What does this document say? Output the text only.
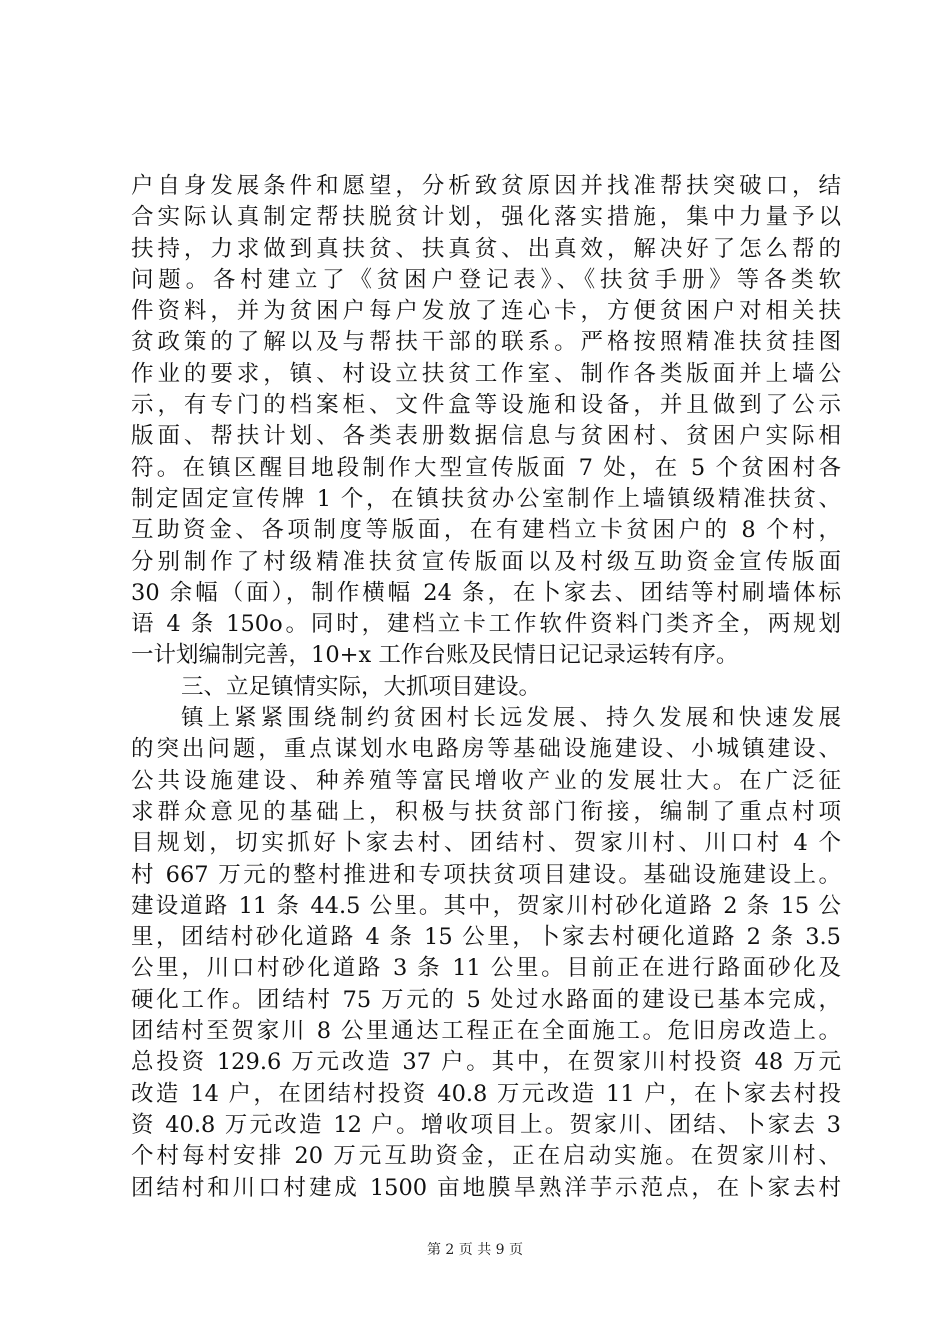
户自身发展条件和愿望，分析致贫原因并找准帮扶突破口，结
合实际认真制定帮扶脱贫计划，强化落实措施，集中力量予以
扶持，力求做到真扶贫、扶真贫、出真效，解决好了怎么帮的
问题。各村建立了《贫困户登记表》、《扶贫手册》等各类软
件资料，并为贫困户每户发放了连心卡，方便贫困户对相关扶
贫政策的了解以及与帮扶干部的联系。严格按照精准扶贫挂图
作业的要求，镇、村设立扶贫工作室、制作各类版面并上墙公
示，有专门的档案柜、文件盒等设施和设备，并且做到了公示
版面、帮扶计划、各类表册数据信息与贫困村、贫困户实际相
符。在镇区醒目地段制作大型宣传版面 7 处，在 5 个贫困村各
制定固定宣传牌 1 个，在镇扶贫办公室制作上墙镇级精准扶贫、
互助资金、各项制度等版面，在有建档立卡贫困户的 8 个村，
分别制作了村级精准扶贫宣传版面以及村级互助资金宣传版面
30 余幅（面），制作横幅 24 条，在卜家去、团结等村刷墙体标
语 4 条 150o。同时，建档立卡工作软件资料门类齐全，两规划
一计划编制完善，10+x 工作台账及民情日记记录运转有序。
三、立足镇情实际，大抓项目建设。
镇上紧紧围绕制约贫困村长远发展、持久发展和快速发展
的突出问题，重点谋划水电路房等基础设施建设、小城镇建设、
公共设施建设、种养殖等富民增收产业的发展壮大。在广泛征
求群众意见的基础上，积极与扶贫部门衔接，编制了重点村项
目规划，切实抓好卜家去村、团结村、贺家川村、川口村 4 个
村 667 万元的整村推进和专项扶贫项目建设。基础设施建设上。
建设道路 11 条 44.5 公里。其中，贺家川村砂化道路 2 条 15 公
里，团结村砂化道路 4 条 15 公里，卜家去村硬化道路 2 条 3.5
公里，川口村砂化道路 3 条 11 公里。目前正在进行路面砂化及
硬化工作。团结村 75 万元的 5 处过水路面的建设已基本完成，
团结村至贺家川 8 公里通达工程正在全面施工。危旧房改造上。
总投资 129.6 万元改造 37 户。其中，在贺家川村投资 48 万元
改造 14 户，在团结村投资 40.8 万元改造 11 户，在卜家去村投
资 40.8 万元改造 12 户。增收项目上。贺家川、团结、卜家去 3
个村每村安排 20 万元互助资金，正在启动实施。在贺家川村、
团结村和川口村建成 1500 亩地膜旱熟洋芋示范点，在卜家去村
第 2 页 共 9 页
